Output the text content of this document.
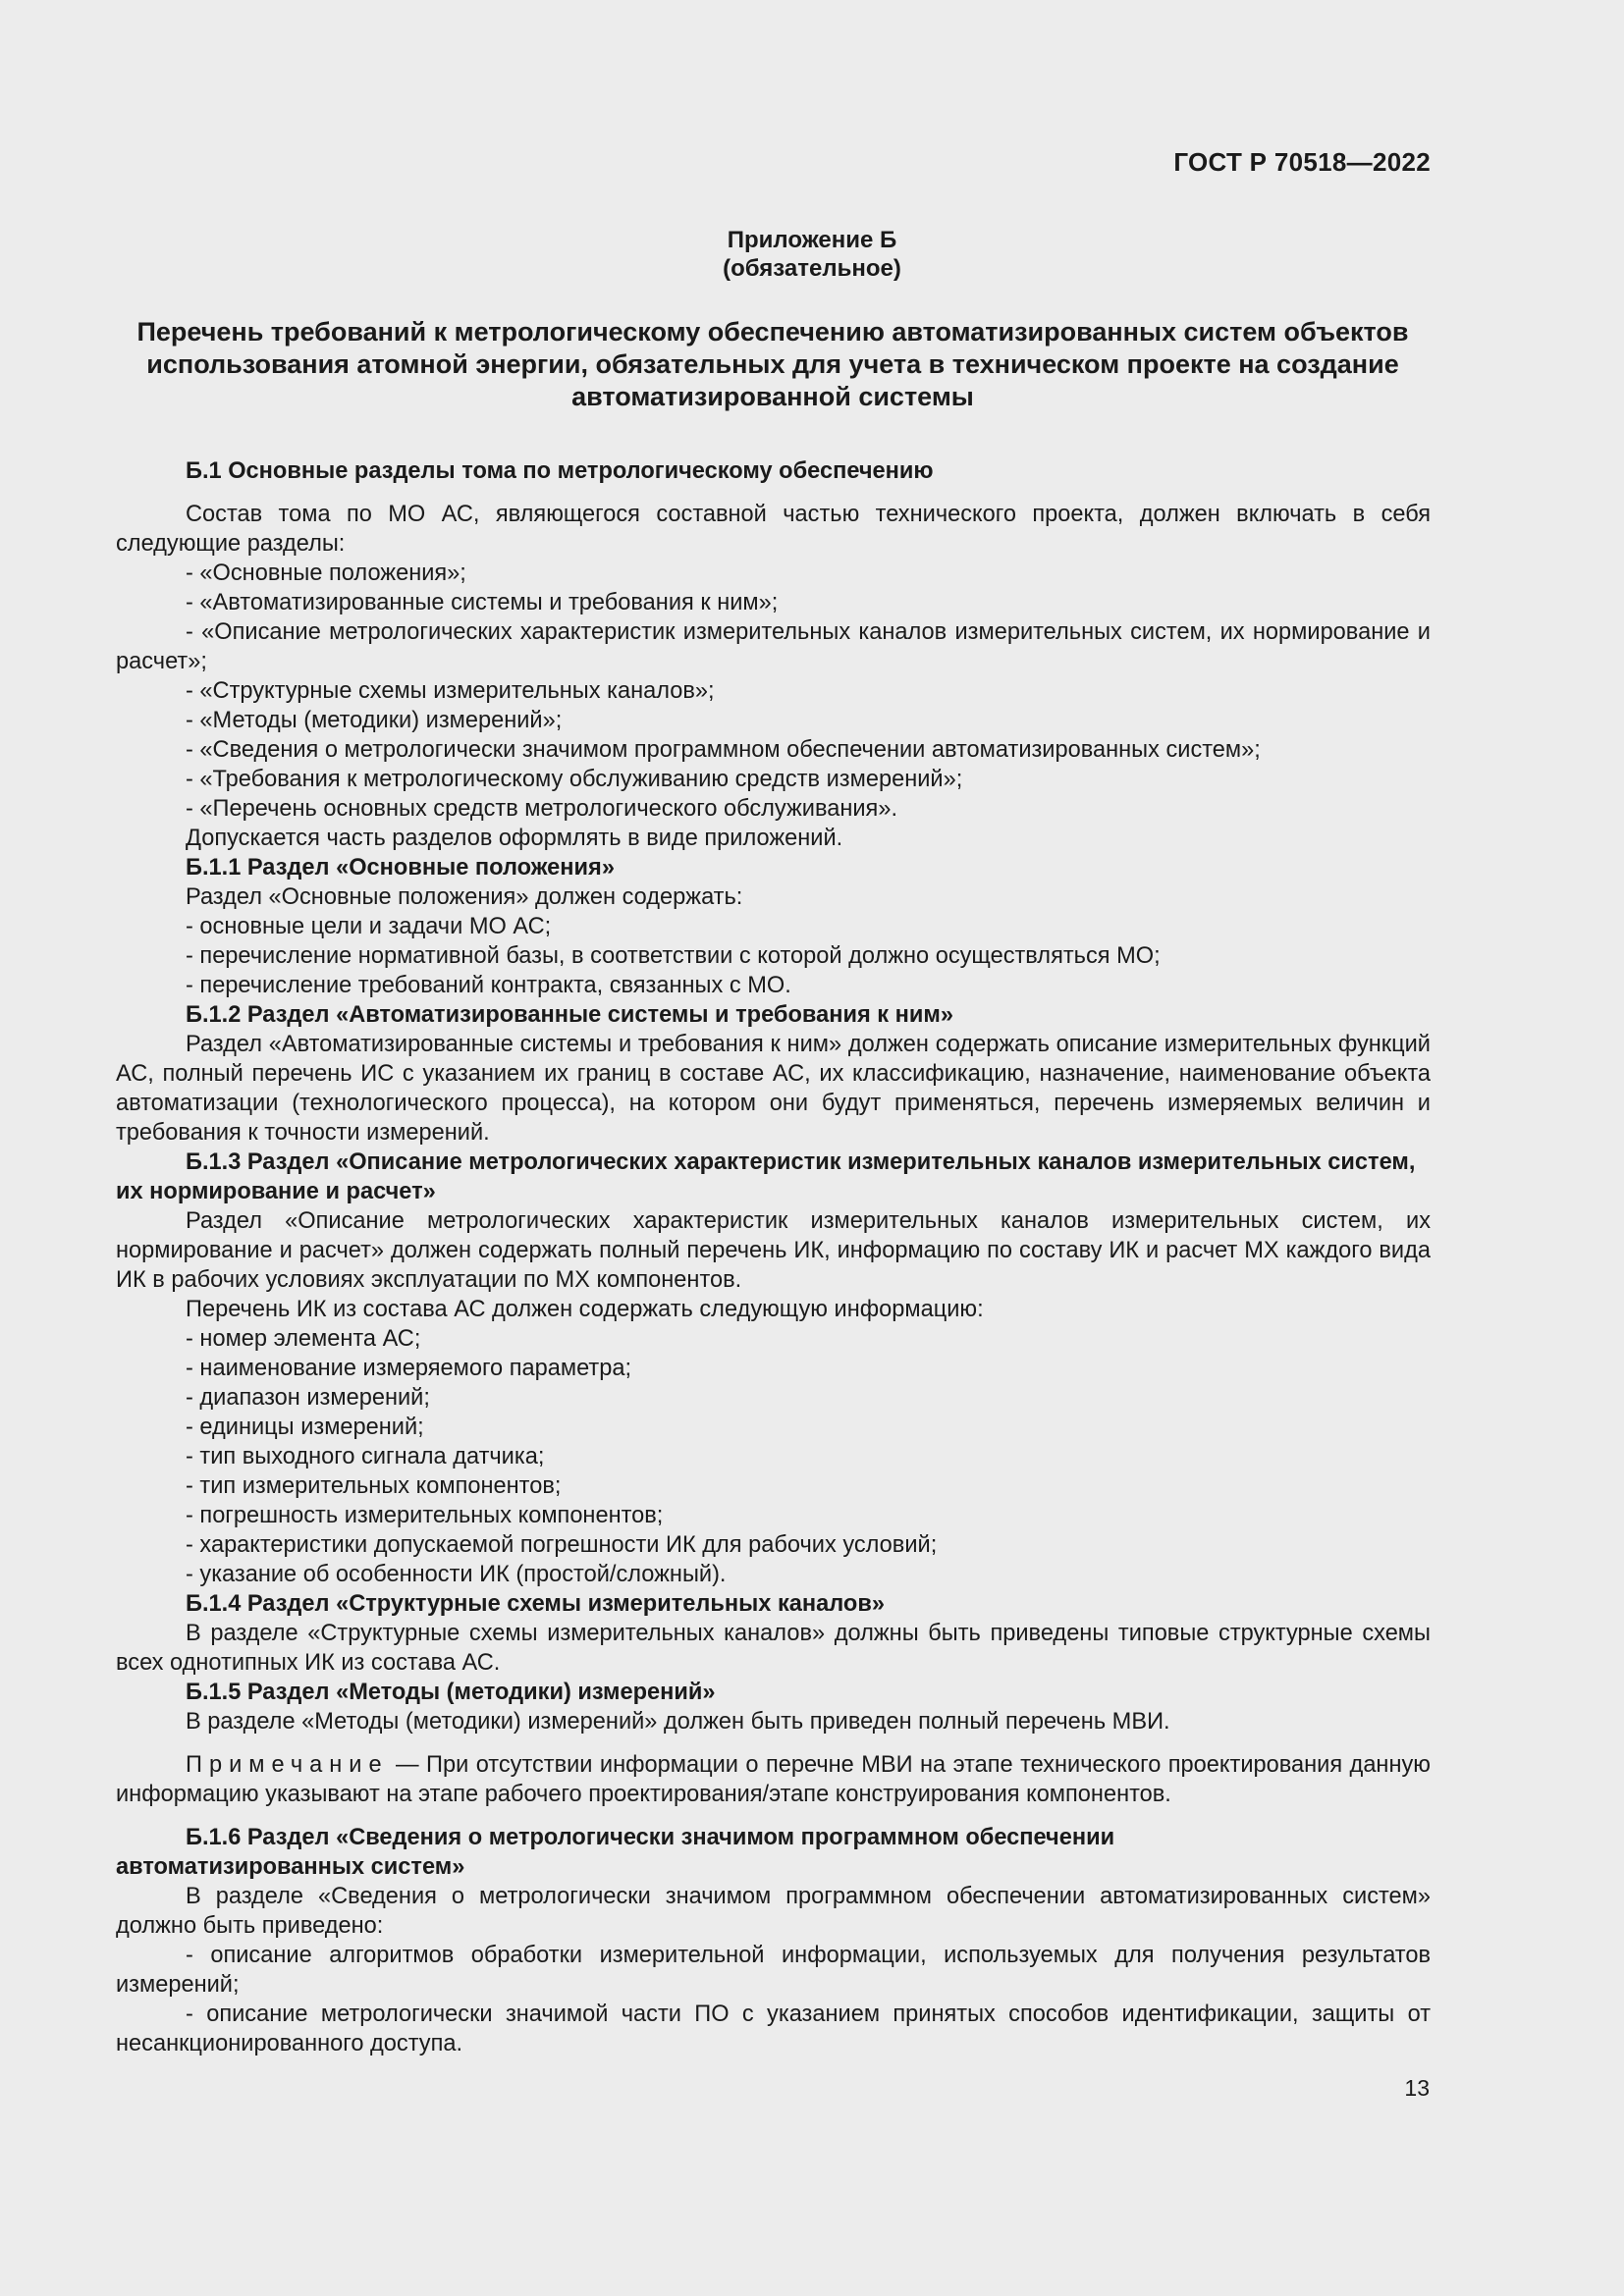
ГОСТ Р 70518—2022
Приложение Б
(обязательное)
Перечень требований к метрологическому обеспечению автоматизированных систем объектов использования атомной энергии, обязательных для учета в техническом проекте на создание автоматизированной системы

Б.1 Основные разделы тома по метрологическому обеспечению

Состав тома по МО АС, являющегося составной частью технического проекта, должен включать в себя следующие разделы:

- «Основные положения»;

- «Автоматизированные системы и требования к ним»;

- «Описание метрологических характеристик измерительных каналов измерительных систем, их нормирование и расчет»;

- «Структурные схемы измерительных каналов»;

- «Методы (методики) измерений»;

- «Сведения о метрологически значимом программном обеспечении автоматизированных систем»;

- «Требования к метрологическому обслуживанию средств измерений»;

- «Перечень основных средств метрологического обслуживания».

Допускается часть разделов оформлять в виде приложений.

Б.1.1 Раздел «Основные положения»

Раздел «Основные положения» должен содержать:

- основные цели и задачи МО АС;

- перечисление нормативной базы, в соответствии с которой должно осуществляться МО;

- перечисление требований контракта, связанных с МО.

Б.1.2 Раздел «Автоматизированные системы и требования к ним»

Раздел «Автоматизированные системы и требования к ним» должен содержать описание измерительных функций АС, полный перечень ИС с указанием их границ в составе АС, их классификацию, назначение, наименование объекта автоматизации (технологического процесса), на котором они будут применяться, перечень измеряемых величин и требования к точности измерений.

Б.1.3 Раздел «Описание метрологических характеристик измерительных каналов измерительных систем, их нормирование и расчет»

Раздел «Описание метрологических характеристик измерительных каналов измерительных систем, их нормирование и расчет» должен содержать полный перечень ИК, информацию по составу ИК и расчет МХ каждого вида ИК в рабочих условиях эксплуатации по МХ компонентов.

Перечень ИК из состава АС должен содержать следующую информацию:

- номер элемента АС;

- наименование измеряемого параметра;

- диапазон измерений;

- единицы измерений;

- тип выходного сигнала датчика;

- тип измерительных компонентов;

- погрешность измерительных компонентов;

- характеристики допускаемой погрешности ИК для рабочих условий;

- указание об особенности ИК (простой/сложный).

Б.1.4 Раздел «Структурные схемы измерительных каналов»

В разделе «Структурные схемы измерительных каналов» должны быть приведены типовые структурные схемы всех однотипных ИК из состава АС.

Б.1.5 Раздел «Методы (методики) измерений»

В разделе «Методы (методики) измерений» должен быть приведен полный перечень МВИ.

Примечание — При отсутствии информации о перечне МВИ на этапе технического проектирования данную информацию указывают на этапе рабочего проектирования/этапе конструирования компонентов.

Б.1.6 Раздел «Сведения о метрологически значимом программном обеспечении автоматизированных систем»

В разделе «Сведения о метрологически значимом программном обеспечении автоматизированных систем» должно быть приведено:

- описание алгоритмов обработки измерительной информации, используемых для получения результатов измерений;

- описание метрологически значимой части ПО с указанием принятых способов идентификации, защиты от несанкционированного доступа.

13
